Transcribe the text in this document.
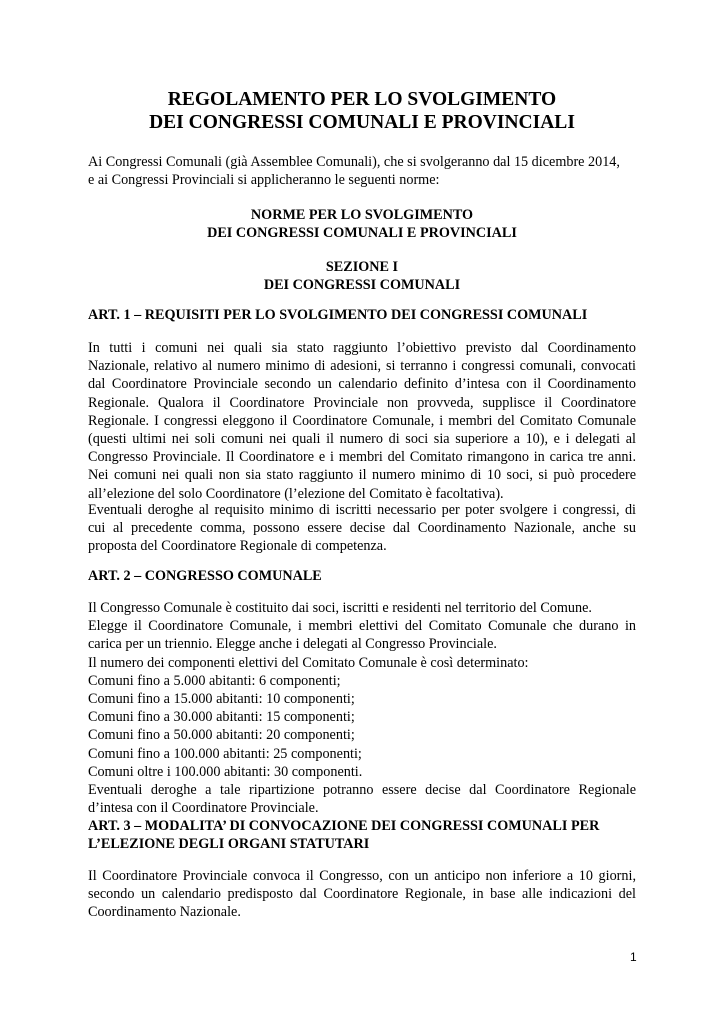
REGOLAMENTO PER LO SVOLGIMENTO
DEI CONGRESSI COMUNALI E PROVINCIALI
Ai Congressi Comunali (già Assemblee Comunali), che si svolgeranno dal 15 dicembre 2014,
e ai Congressi Provinciali si applicheranno le seguenti norme:
NORME PER LO SVOLGIMENTO
DEI CONGRESSI COMUNALI E PROVINCIALI
SEZIONE I
DEI CONGRESSI COMUNALI
ART. 1 – REQUISITI PER LO SVOLGIMENTO DEI CONGRESSI COMUNALI
In tutti i comuni nei quali sia stato raggiunto l’obiettivo previsto dal Coordinamento
Nazionale, relativo al numero minimo di adesioni, si terranno i congressi comunali, convocati
dal Coordinatore Provinciale secondo un calendario definito d’intesa con il Coordinamento
Regionale. Qualora il Coordinatore Provinciale non provveda, supplisce il Coordinatore
Regionale. I congressi eleggono il Coordinatore Comunale, i membri del Comitato Comunale
(questi ultimi nei soli comuni nei quali il numero di soci sia superiore a 10), e i delegati al
Congresso Provinciale. Il Coordinatore e i membri del Comitato rimangono in carica tre anni.
Nei comuni nei quali non sia stato raggiunto il numero minimo di 10 soci, si può procedere
all’elezione del solo Coordinatore (l’elezione del Comitato è facoltativa).
Eventuali deroghe al requisito minimo di iscritti necessario per poter svolgere i congressi, di
cui al precedente comma, possono essere decise dal Coordinamento Nazionale, anche su
proposta del Coordinatore Regionale di competenza.
ART. 2 – CONGRESSO COMUNALE
Il Congresso Comunale è costituito dai soci, iscritti e residenti nel territorio del Comune.
Elegge il Coordinatore Comunale, i membri elettivi del Comitato Comunale che durano in
carica per un triennio. Elegge anche i delegati al Congresso Provinciale.
Il numero dei componenti elettivi del Comitato Comunale è così determinato:
Comuni fino a 5.000 abitanti: 6 componenti;
Comuni fino a 15.000 abitanti: 10 componenti;
Comuni fino a 30.000 abitanti: 15 componenti;
Comuni fino a 50.000 abitanti: 20 componenti;
Comuni fino a 100.000 abitanti: 25 componenti;
Comuni oltre i 100.000 abitanti: 30 componenti.
Eventuali deroghe a tale ripartizione potranno essere decise dal Coordinatore Regionale
d’intesa con il Coordinatore Provinciale.
ART. 3 – MODALITA’ DI CONVOCAZIONE DEI CONGRESSI COMUNALI PER
L’ELEZIONE DEGLI ORGANI STATUTARI
Il Coordinatore Provinciale convoca il Congresso, con un anticipo non inferiore a 10 giorni,
secondo un calendario predisposto dal Coordinatore Regionale, in base alle indicazioni del
Coordinamento Nazionale.
1
